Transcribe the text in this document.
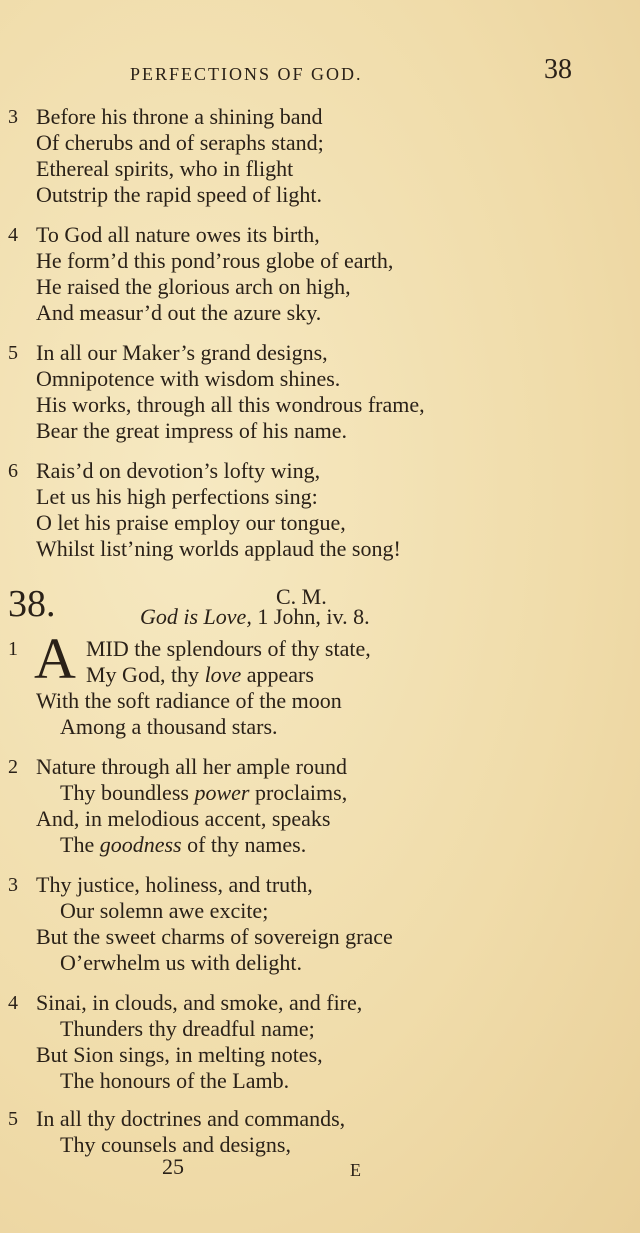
PERFECTIONS OF GOD.	38
3 Before his throne a shining band
Of cherubs and of seraphs stand;
Ethereal spirits, who in flight
Outstrip the rapid speed of light.
4 To God all nature owes its birth,
He form’d this pond’rous globe of earth,
He raised the glorious arch on high,
And measur’d out the azure sky.
5 In all our Maker’s grand designs,
Omnipotence with wisdom shines.
His works, through all this wondrous frame,
Bear the great impress of his name.
6 Rais’d on devotion’s lofty wing,
Let us his high perfections sing:
O let his praise employ our tongue,
Whilst list’ning worlds applaud the song!
38.	C. M.
God is Love, 1 John, iv. 8.
1 A MID the splendours of thy state,
My God, thy love appears
With the soft radiance of the moon
Among a thousand stars.
2 Nature through all her ample round
Thy boundless power proclaims,
And, in melodious accent, speaks
The goodness of thy names.
3 Thy justice, holiness, and truth,
Our solemn awe excite;
But the sweet charms of sovereign grace
O’erwhelm us with delight.
4 Sinai, in clouds, and smoke, and fire,
Thunders thy dreadful name;
But Sion sings, in melting notes,
The honours of the Lamb.
5 In all thy doctrines and commands,
Thy counsels and designs,
25	E
